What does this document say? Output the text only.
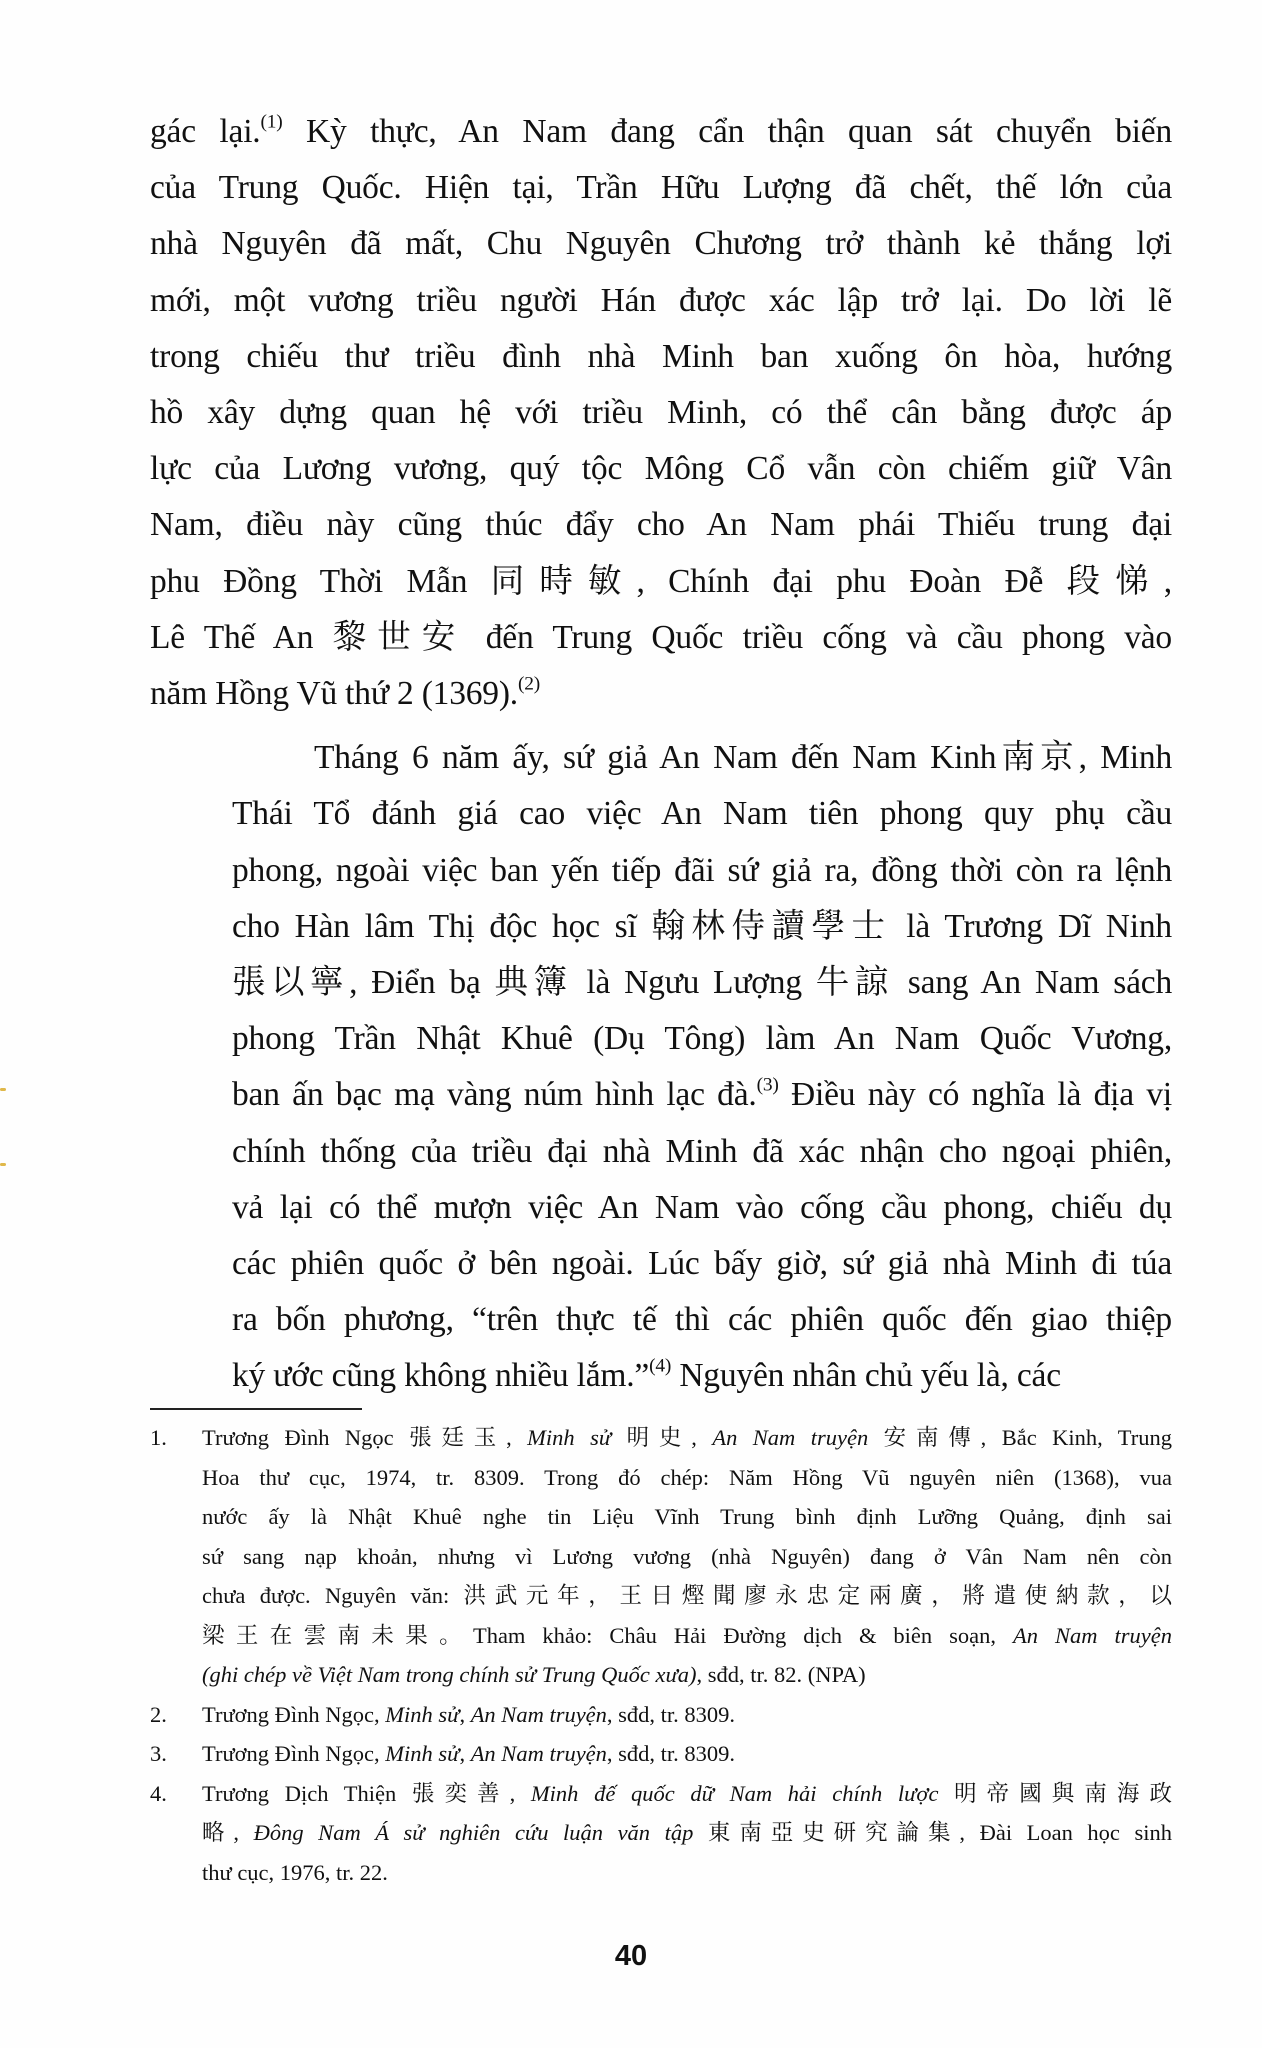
gác lại.$^{(1)}$ Kỳ thực, An Nam đang cẩn thận quan sát chuyển biến
của Trung Quốc. Hiện tại, Trần Hữu Lượng đã chết, thế lớn của
nhà Nguyên đã mất, Chu Nguyên Chương trở thành kẻ thắng lợi
mới, một vương triều người Hán được xác lập trở lại. Do lời lẽ
trong chiếu thư triều đình nhà Minh ban xuống ôn hòa, hướng
hồ xây dựng quan hệ với triều Minh, có thể cân bằng được áp
lực của Lương vương, quý tộc Mông Cổ vẫn còn chiếm giữ Vân
Nam, điều này cũng thúc đẩy cho An Nam phái Thiếu trung đại
phu Đồng Thời Mẫn 同時敏, Chính đại phu Đoàn Đễ 段悌,
Lê Thế An 黎世安 đến Trung Quốc triều cống và cầu phong vào
năm Hồng Vũ thứ 2 (1369).$^{(2)}$
Tháng 6 năm ấy, sứ giả An Nam đến Nam Kinh南京, Minh
Thái Tổ đánh giá cao việc An Nam tiên phong quy phụ cầu
phong, ngoài việc ban yến tiếp đãi sứ giả ra, đồng thời còn ra lệnh
cho Hàn lâm Thị độc học sĩ 翰林侍讀學士 là Trương Dĩ Ninh
張以寧, Điển bạ 典簿 là Ngưu Lượng 牛諒 sang An Nam sách
phong Trần Nhật Khuê (Dụ Tông) làm An Nam Quốc Vương,
ban ấn bạc mạ vàng núm hình lạc đà.$^{(3)}$ Điều này có nghĩa là địa vị
chính thống của triều đại nhà Minh đã xác nhận cho ngoại phiên,
vả lại có thể mượn việc An Nam vào cống cầu phong, chiếu dụ
các phiên quốc ở bên ngoài. Lúc bấy giờ, sứ giả nhà Minh đi túa
ra bốn phương, “trên thực tế thì các phiên quốc đến giao thiệp
ký ước cũng không nhiều lắm.”$^{(4)}$ Nguyên nhân chủ yếu là, các
1.	Trương Đình Ngọc 張廷玉, Minh sử 明史, An Nam truyện 安南傳, Bắc Kinh, Trung
Hoa thư cục, 1974, tr. 8309. Trong đó chép: Năm Hồng Vũ nguyên niên (1368), vua
nước ấy là Nhật Khuê nghe tin Liệu Vĩnh Trung bình định Lưỡng Quảng, định sai
sứ sang nạp khoản, nhưng vì Lương vương (nhà Nguyên) đang ở Vân Nam nên còn
chưa được. Nguyên văn: 洪武元年，王日熞聞廖永忠定兩廣，將遣使納款，以
梁王在雲南未果。Tham khảo: Châu Hải Đường dịch & biên soạn, An Nam truyện
(ghi chép về Việt Nam trong chính sử Trung Quốc xưa), sđd, tr. 82. (NPA)
2.	Trương Đình Ngọc, Minh sử, An Nam truyện, sđd, tr. 8309.
3.	Trương Đình Ngọc, Minh sử, An Nam truyện, sđd, tr. 8309.
4.	Trương Dịch Thiện 張奕善, Minh đế quốc dữ Nam hải chính lược 明帝國與南海政
略, Đông Nam Á sử nghiên cứu luận văn tập 東南亞史研究論集, Đài Loan học sinh
thư cục, 1976, tr. 22.
40
